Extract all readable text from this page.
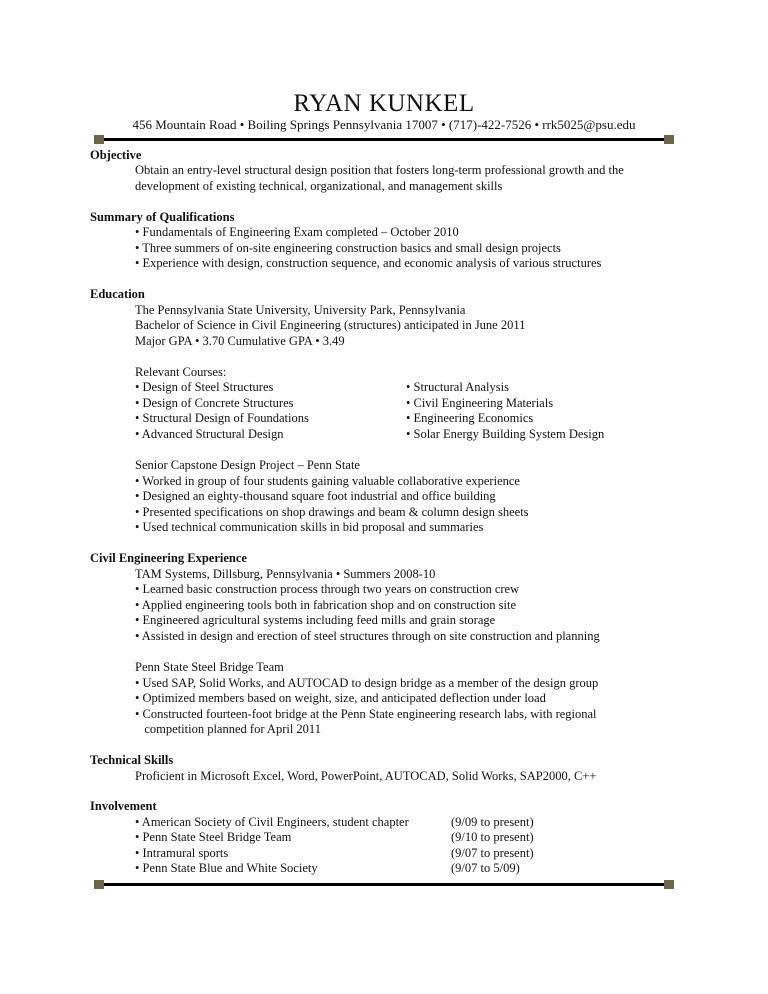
RYAN KUNKEL
456 Mountain Road • Boiling Springs Pennsylvania 17007 • (717)-422-7526 • rrk5025@psu.edu
Objective
Obtain an entry-level structural design position that fosters long-term professional growth and the
development of existing technical, organizational, and management skills
Summary of Qualifications
• Fundamentals of Engineering Exam completed – October 2010
• Three summers of on-site engineering construction basics and small design projects
• Experience with design, construction sequence, and economic analysis of various structures
Education
The Pennsylvania State University, University Park, Pennsylvania
Bachelor of Science in Civil Engineering (structures) anticipated in June 2011
Major GPA • 3.70 Cumulative GPA • 3.49
Relevant Courses:
• Design of Steel Structures
• Design of Concrete Structures
• Structural Design of Foundations
• Advanced Structural Design
• Structural Analysis
• Civil Engineering Materials
• Engineering Economics
• Solar Energy Building System Design
Senior Capstone Design Project – Penn State
• Worked in group of four students gaining valuable collaborative experience
• Designed an eighty-thousand square foot industrial and office building
• Presented specifications on shop drawings and beam & column design sheets
• Used technical communication skills in bid proposal and summaries
Civil Engineering Experience
TAM Systems, Dillsburg, Pennsylvania • Summers 2008-10
• Learned basic construction process through two years on construction crew
• Applied engineering tools both in fabrication shop and on construction site
• Engineered agricultural systems including feed mills and grain storage
• Assisted in design and erection of steel structures through on site construction and planning
Penn State Steel Bridge Team
• Used SAP, Solid Works, and AUTOCAD to design bridge as a member of the design group
• Optimized members based on weight, size, and anticipated deflection under load
• Constructed fourteen-foot bridge at the Penn State engineering research labs, with regional
competition planned for April 2011
Technical Skills
Proficient in Microsoft Excel, Word, PowerPoint, AUTOCAD, Solid Works, SAP2000, C++
Involvement
• American Society of Civil Engineers, student chapter	(9/09 to present)
• Penn State Steel Bridge Team	(9/10 to present)
• Intramural sports	(9/07 to present)
• Penn State Blue and White Society	(9/07 to 5/09)
